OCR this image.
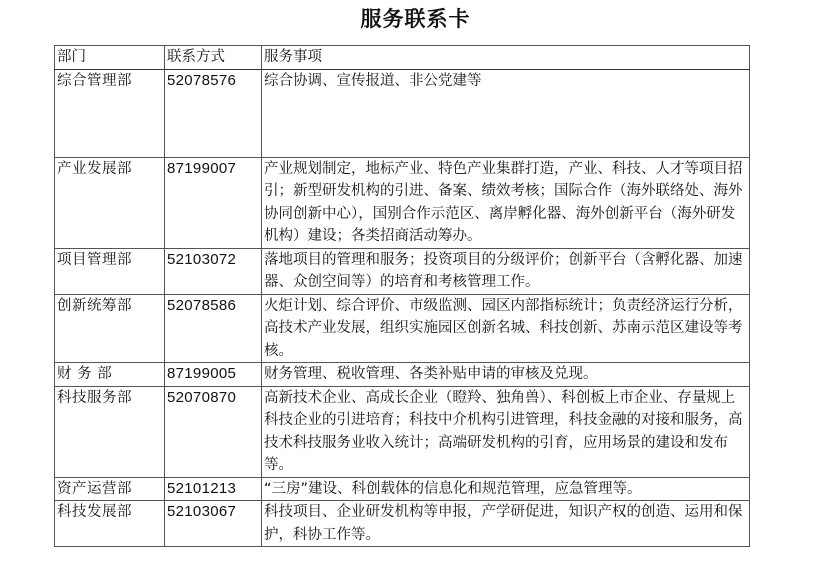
服务联系卡
部门	联系方式	服务事项
综合管理部	52078576	综合协调、宣传报道、非公党建等
产业发展部	87199007	产业规划制定，地标产业、特色产业集群打造，产业、科技、人才等项目招引；新型研发机构的引进、备案、绩效考核；国际合作（海外联络处、海外协同创新中心），国别合作示范区、离岸孵化器、海外创新平台（海外研发机构）建设；各类招商活动筹办。
项目管理部	52103072	落地项目的管理和服务；投资项目的分级评价；创新平台（含孵化器、加速器、众创空间等）的培育和考核管理工作。
创新统筹部	52078586	火炬计划、综合评价、市级监测、园区内部指标统计；负责经济运行分析，高技术产业发展，组织实施园区创新名城、科技创新、苏南示范区建设等考核。
财 务 部	87199005	财务管理、税收管理、各类补贴申请的审核及兑现。
科技服务部	52070870	高新技术企业、高成长企业（瞪羚、独角兽）、科创板上市企业、存量规上科技企业的引进培育；科技中介机构引进管理，科技金融的对接和服务，高技术科技服务业收入统计；高端研发机构的引育，应用场景的建设和发布等。
资产运营部	52101213	“三房”建设、科创载体的信息化和规范管理，应急管理等。
科技发展部	52103067	科技项目、企业研发机构等申报，产学研促进，知识产权的创造、运用和保护，科协工作等。
